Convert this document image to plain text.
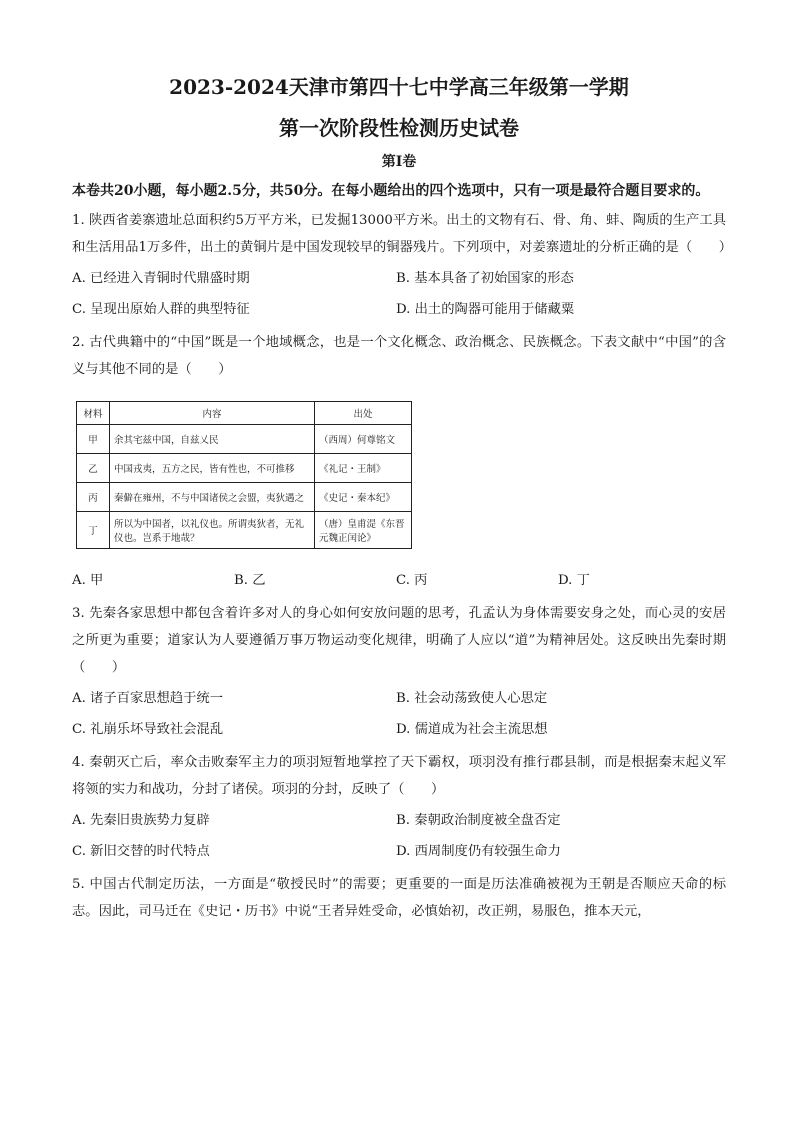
2023-2024天津市第四十七中学高三年级第一学期
第一次阶段性检测历史试卷
第Ⅰ卷
本卷共20小题，每小题2.5分，共50分。在每小题给出的四个选项中，只有一项是最符合题目要求的。
1. 陕西省姜寨遗址总面积约5万平方米，已发掘13000平方米。出土的文物有石、骨、角、蚌、陶质的生产工具和生活用品1万多件，出土的黄铜片是中国发现较早的铜器残片。下列项中，对姜寨遗址的分析正确的是（　　）
A. 已经进入青铜时代鼎盛时期	B. 基本具备了初始国家的形态
C. 呈现出原始人群的典型特征	D. 出土的陶器可能用于储藏粟
2. 古代典籍中的“中国”既是一个地域概念，也是一个文化概念、政治概念、民族概念。下表文献中“中国”的含义与其他不同的是（　　）
材料	内容	出处
甲	余其宅兹中国，自兹乂民	（西周）何尊铭文
乙	中国戎夷，五方之民，皆有性也，不可推移	《礼记・王制》
丙	秦僻在雍州，不与中国诸侯之会盟，夷狄遇之	《史记・秦本纪》
丁	所以为中国者，以礼仪也。所谓夷狄者，无礼仪也。岂系于地哉？	（唐）皇甫湜《东晋元魏正闰论》
A. 甲	B. 乙	C. 丙	D. 丁
3. 先秦各家思想中都包含着许多对人的身心如何安放问题的思考，孔孟认为身体需要安身之处，而心灵的安居之所更为重要；道家认为人要遵循万事万物运动变化规律，明确了人应以“道”为精神居处。这反映出先秦时期（　　）
A. 诸子百家思想趋于统一	B. 社会动荡致使人心思定
C. 礼崩乐坏导致社会混乱	D. 儒道成为社会主流思想
4. 秦朝灭亡后，率众击败秦军主力的项羽短暂地掌控了天下霸权，项羽没有推行郡县制，而是根据秦末起义军将领的实力和战功，分封了诸侯。项羽的分封，反映了（　　）
A. 先秦旧贵族势力复辟	B. 秦朝政治制度被全盘否定
C. 新旧交替的时代特点	D. 西周制度仍有较强生命力
5. 中国古代制定历法，一方面是“敬授民时”的需要；更重要的一面是历法准确被视为王朝是否顺应天命的标志。因此，司马迁在《史记・历书》中说“王者异姓受命，必慎始初，改正朔，易服色，推本天元，
